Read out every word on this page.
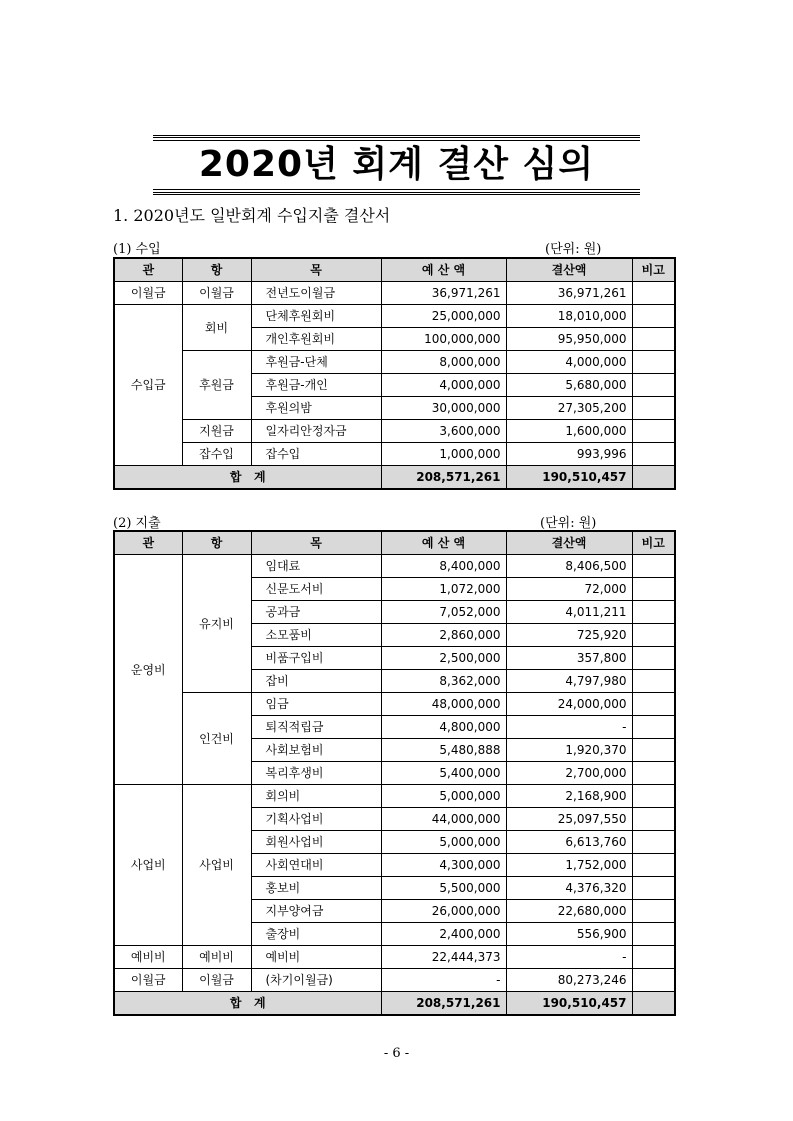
2020년 회계 결산 심의
1. 2020년도 일반회계 수입지출 결산서
(1) 수입	(단위: 원)
관	항	목	예 산 액	결산액	비고
이월금	이월금	전년도이월금	36,971,261	36,971,261	
수입금	회비	단체후원회비	25,000,000	18,010,000	
		개인후원회비	100,000,000	95,950,000	
	후원금	후원금-단체	8,000,000	4,000,000	
		후원금-개인	4,000,000	5,680,000	
		후원의밤	30,000,000	27,305,200	
	지원금	일자리안정자금	3,600,000	1,600,000	
	잡수입	잡수입	1,000,000	993,996	
합   계			208,571,261	190,510,457	
(2) 지출	(단위: 원)
관	항	목	예 산 액	결산액	비고
운영비	유지비	임대료	8,400,000	8,406,500	
		신문도서비	1,072,000	72,000	
		공과금	7,052,000	4,011,211	
		소모품비	2,860,000	725,920	
		비품구입비	2,500,000	357,800	
		잡비	8,362,000	4,797,980	
	인건비	임금	48,000,000	24,000,000	
		퇴직적립금	4,800,000	-	
		사회보험비	5,480,888	1,920,370	
		복리후생비	5,400,000	2,700,000	
사업비	사업비	회의비	5,000,000	2,168,900	
		기획사업비	44,000,000	25,097,550	
		회원사업비	5,000,000	6,613,760	
		사회연대비	4,300,000	1,752,000	
		홍보비	5,500,000	4,376,320	
		지부양여금	26,000,000	22,680,000	
		출장비	2,400,000	556,900	
예비비	예비비	예비비	22,444,373	-	
이월금	이월금	(차기이월금)	-	80,273,246	
합   계			208,571,261	190,510,457	
- 6 -
